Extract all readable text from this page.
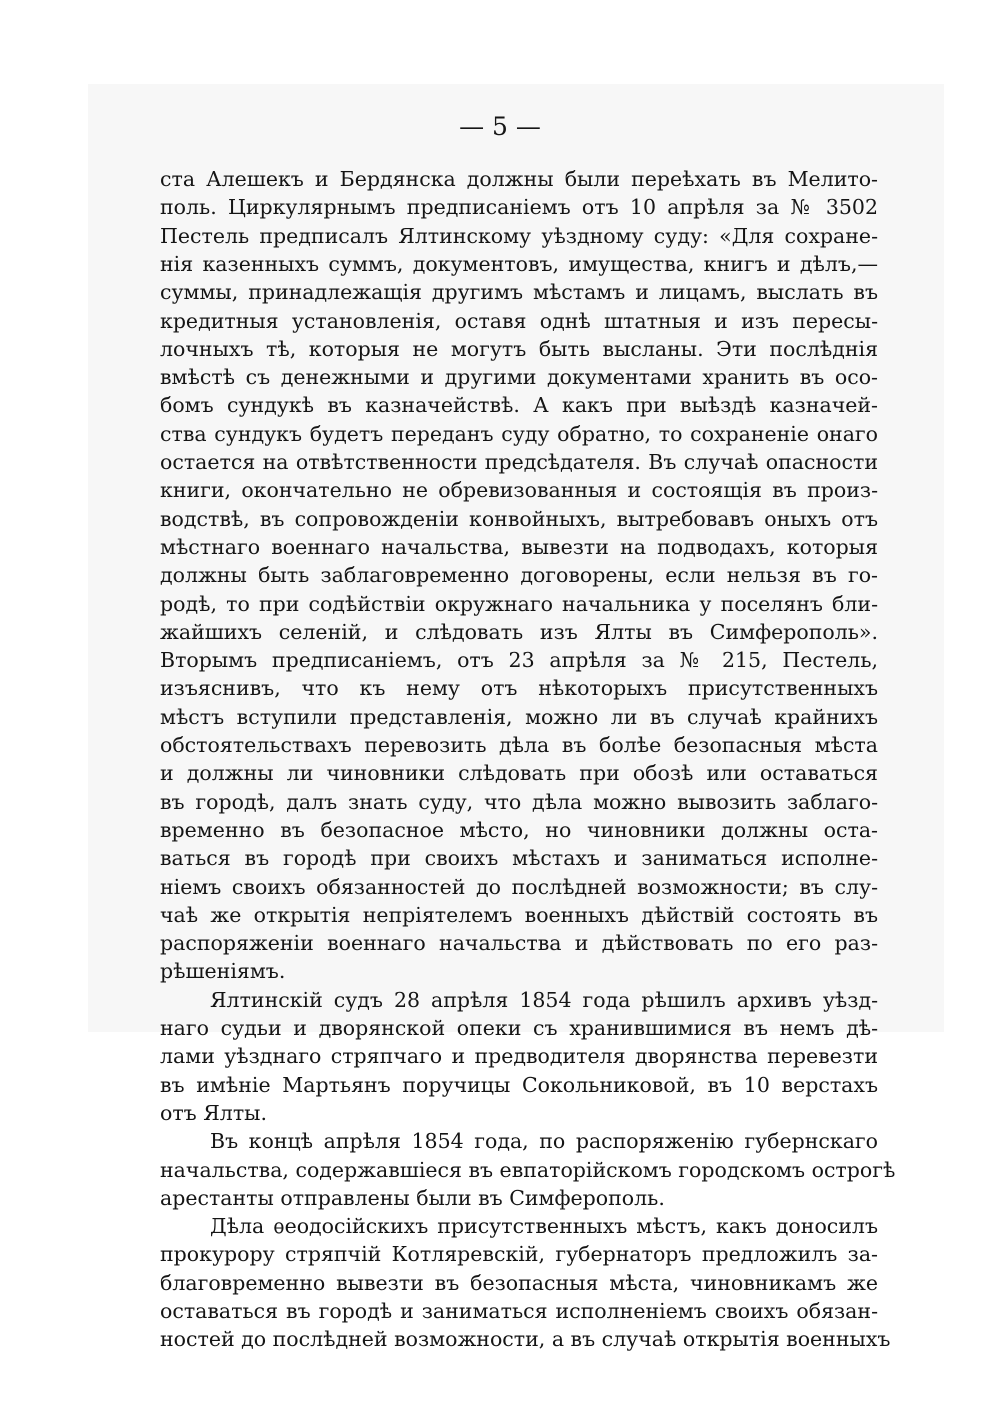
— 5 —
ста Алешекъ и Бердянска должны были переѣхать въ Мелито-
поль. Циркулярнымъ предписаніемъ отъ 10 апрѣля за № 3502
Пестель предписалъ Ялтинскому уѣздному суду: «Для сохране-
нія казенныхъ суммъ, документовъ, имущества, книгъ и дѣлъ,—
суммы, принадлежащія другимъ мѣстамъ и лицамъ, выслать въ
кредитныя установленія, оставя однѣ штатныя и изъ пересы-
лочныхъ тѣ, которыя не могутъ быть высланы. Эти послѣднія
вмѣстѣ съ денежными и другими документами хранить въ осо-
бомъ сундукѣ въ казначействѣ. А какъ при выѣздѣ казначей-
ства сундукъ будетъ переданъ суду обратно, то сохраненіе онаго
остается на отвѣтственности предсѣдателя. Въ случаѣ опасности
книги, окончательно не обревизованныя и состоящія въ произ-
водствѣ, въ сопровожденіи конвойныхъ, вытребовавъ оныхъ отъ
мѣстнаго военнаго начальства, вывезти на подводахъ, которыя
должны быть заблаговременно договорены, если нельзя въ го-
родѣ, то при содѣйствіи окружнаго начальника у поселянъ бли-
жайшихъ селеній, и слѣдовать изъ Ялты въ Симферополь».
Вторымъ предписаніемъ, отъ 23 апрѣля за № 215, Пестель,
изъяснивъ, что къ нему отъ нѣкоторыхъ присутственныхъ
мѣстъ вступили представленія, можно ли въ случаѣ крайнихъ
обстоятельствахъ перевозить дѣла въ болѣе безопасныя мѣста
и должны ли чиновники слѣдовать при обозѣ или оставаться
въ городѣ, далъ знать суду, что дѣла можно вывозить заблаго-
временно въ безопасное мѣсто, но чиновники должны оста-
ваться въ городѣ при своихъ мѣстахъ и заниматься исполне-
ніемъ своихъ обязанностей до послѣдней возможности; въ слу-
чаѣ же открытія непріятелемъ военныхъ дѣйствій состоять въ
распоряженіи военнаго начальства и дѣйствовать по его раз-
рѣшеніямъ.
Ялтинскій судъ 28 апрѣля 1854 года рѣшилъ архивъ уѣзд-
наго судьи и дворянской опеки съ хранившимися въ немъ дѣ-
лами уѣзднаго стряпчаго и предводителя дворянства перевезти
въ имѣніе Мартьянъ поручицы Сокольниковой, въ 10 верстахъ
отъ Ялты.
Въ концѣ апрѣля 1854 года, по распоряженію губернскаго
начальства, содержавшіеся въ евпаторійскомъ городскомъ острогѣ
арестанты отправлены были въ Симферополь.
Дѣла ѳеодосійскихъ присутственныхъ мѣстъ, какъ доносилъ
прокурору стряпчій Котляревскій, губернаторъ предложилъ за-
благовременно вывезти въ безопасныя мѣста, чиновникамъ же
оставаться въ городѣ и заниматься исполненіемъ своихъ обязан-
ностей до послѣдней возможности, а въ случаѣ открытія военныхъ
